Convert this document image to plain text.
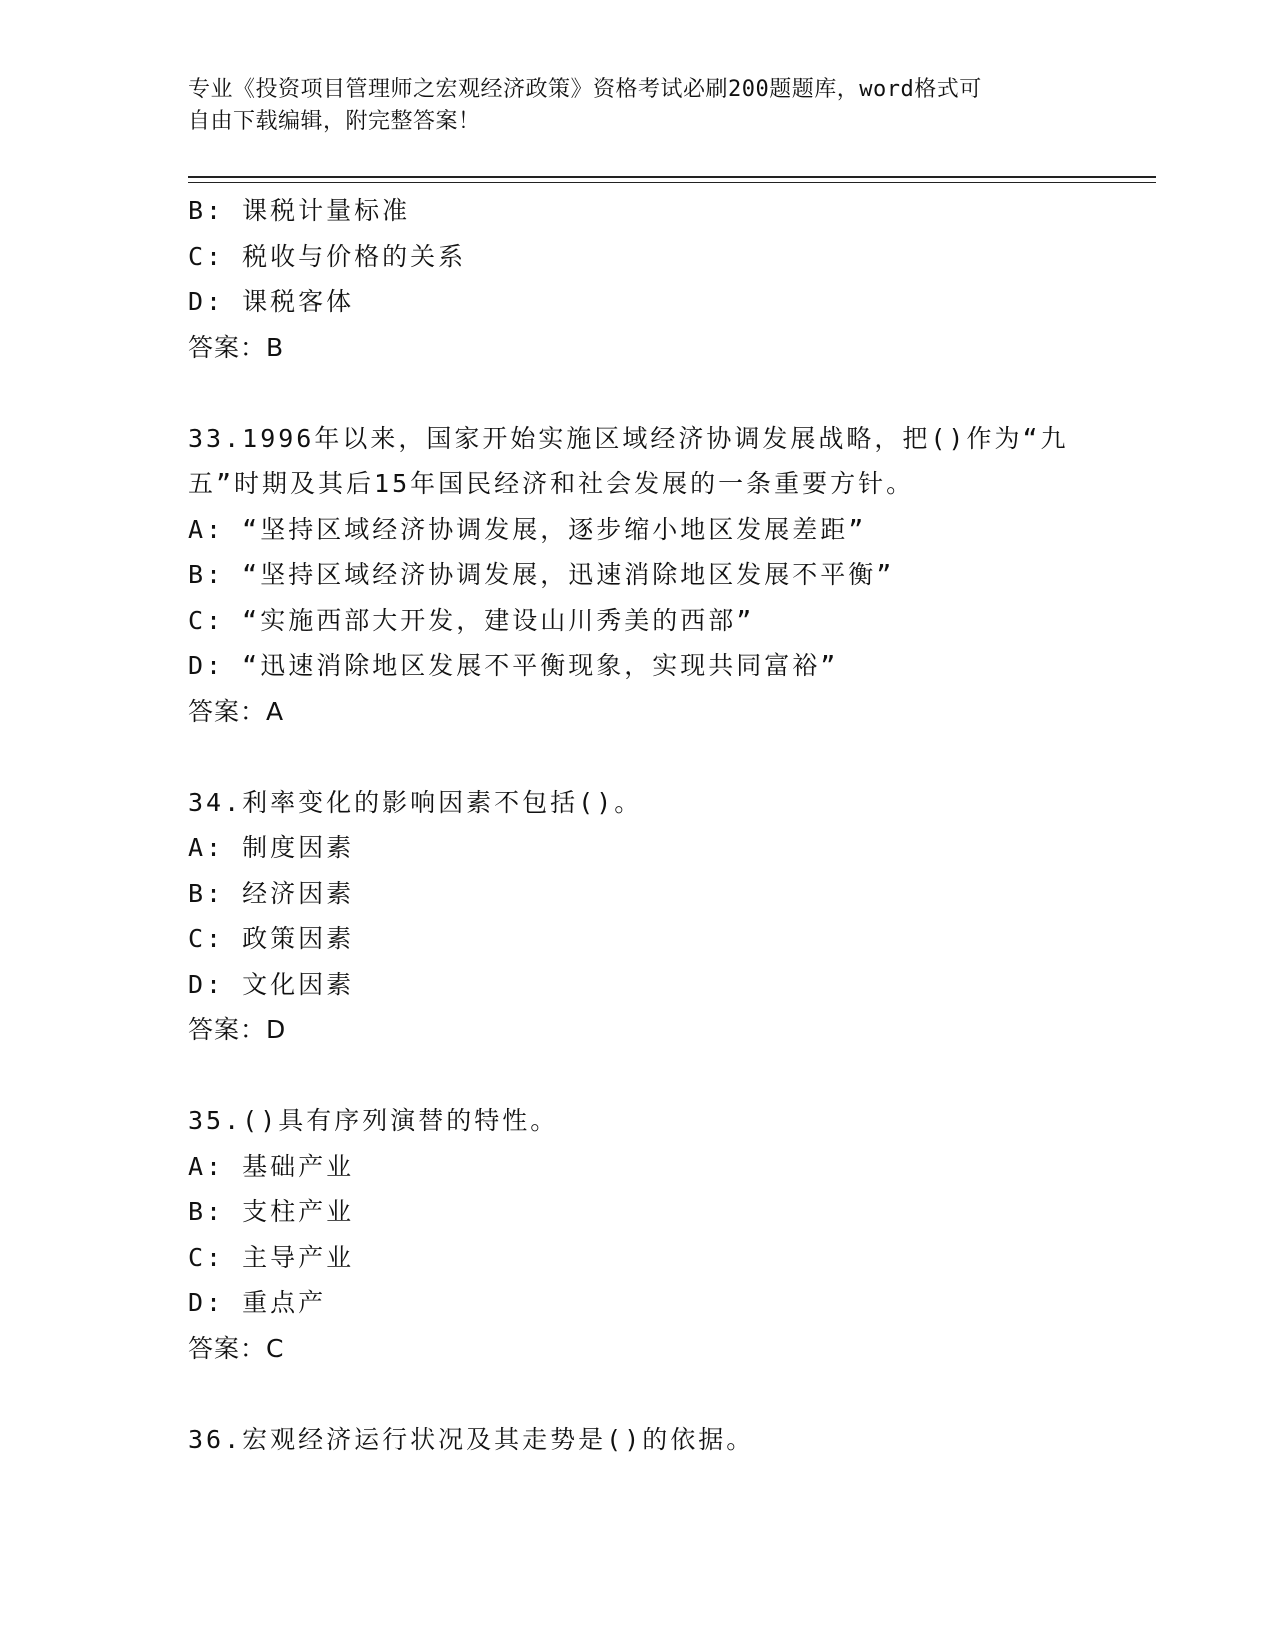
专业《投资项目管理师之宏观经济政策》资格考试必刷200题题库，word格式可
自由下载编辑，附完整答案！
B: 课税计量标准
C: 税收与价格的关系
D: 课税客体
答案：B
33.1996年以来，国家开始实施区域经济协调发展战略，把()作为“九
五”时期及其后15年国民经济和社会发展的一条重要方针。
A: “坚持区域经济协调发展，逐步缩小地区发展差距”
B: “坚持区域经济协调发展，迅速消除地区发展不平衡”
C: “实施西部大开发，建设山川秀美的西部”
D: “迅速消除地区发展不平衡现象，实现共同富裕”
答案：A
34.利率变化的影响因素不包括()。
A: 制度因素
B: 经济因素
C: 政策因素
D: 文化因素
答案：D
35.()具有序列演替的特性。
A: 基础产业
B: 支柱产业
C: 主导产业
D: 重点产
答案：C
36.宏观经济运行状况及其走势是()的依据。
